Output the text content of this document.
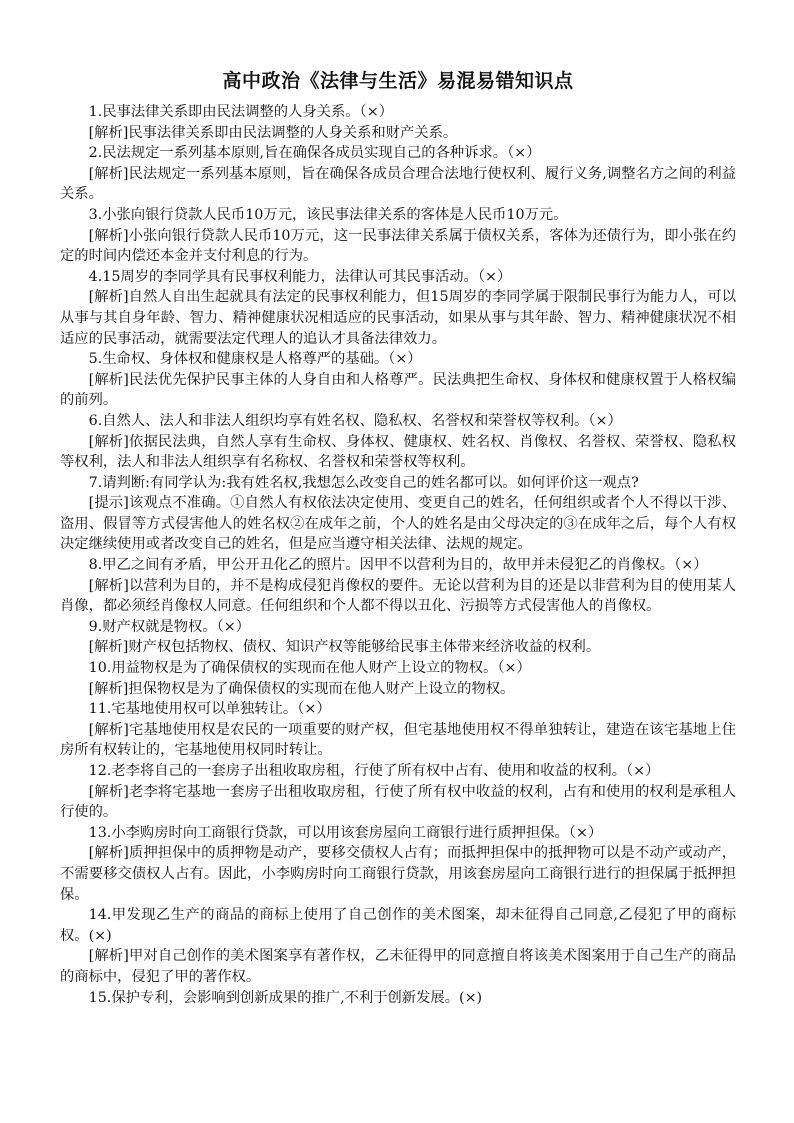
高中政治《法律与生活》易混易错知识点

1.民事法律关系即由民法调整的人身关系。（×）

[解析]民事法律关系即由民法调整的人身关系和财产关系。

2.民法规定一系列基本原则,旨在确保各成员实现自己的各种诉求。（×）

[解析]民法规定一系列基本原则，旨在确保各成员合理合法地行使权利、履行义务,调整名方之间的利益关系。

3.小张向银行贷款人民币10万元，该民事法律关系的客体是人民币10万元。

[解析]小张向银行贷款人民币10万元，这一民事法律关系属于债权关系，客体为还债行为，即小张在约定的时间内偿还本金并支付利息的行为。

4.15周岁的李同学具有民事权利能力，法律认可其民事活动。（×）

[解析]自然人自出生起就具有法定的民事权利能力，但15周岁的李同学属于限制民事行为能力人，可以从事与其自身年龄、智力、精神健康状况相适应的民事活动，如果从事与其年龄、智力、精神健康状况不相适应的民事活动，就需要法定代理人的追认才具备法律效力。

5.生命权、身体权和健康权是人格尊严的基础。（×）

[解析]民法优先保护民事主体的人身自由和人格尊严。民法典把生命权、身体权和健康权置于人格权编的前列。

6.自然人、法人和非法人组织均享有姓名权、隐私权、名誉权和荣誉权等权利。（×）

[解析]依据民法典，自然人享有生命权、身体权、健康权、姓名权、肖像权、名誉权、荣誉权、隐私权等权利，法人和非法人组织享有名称权、名誉权和荣誉权等权利。

7.请判断:有同学认为:我有姓名权,我想怎么改变自己的姓名都可以。如何评价这一观点?

[提示]该观点不准确。①自然人有权依法决定使用、变更自己的姓名，任何组织或者个人不得以干涉、盗用、假冒等方式侵害他人的姓名权②在成年之前，个人的姓名是由父母决定的③在成年之后，每个人有权决定继续使用或者改变自己的姓名，但是应当遵守相关法律、法规的规定。

8.甲乙之间有矛盾，甲公开丑化乙的照片。因甲不以营利为目的，故甲并未侵犯乙的肖像权。（×）

[解析]以营利为目的，并不是构成侵犯肖像权的要件。无论以营利为目的还是以非营利为目的使用某人肖像，都必须经肖像权人同意。任何组织和个人都不得以丑化、污损等方式侵害他人的肖像权。

9.财产权就是物权。（×）

[解析]财产权包括物权、债权、知识产权等能够给民事主体带来经济收益的权利。

10.用益物权是为了确保债权的实现而在他人财产上设立的物权。（×）

[解析]担保物权是为了确保债权的实现而在他人财产上设立的物权。

11.宅基地使用权可以单独转让。（×）

[解析]宅基地使用权是农民的一项重要的财产权，但宅基地使用权不得单独转让，建造在该宅基地上住房所有权转让的，宅基地使用权同时转让。

12.老李将自己的一套房子出租收取房租，行使了所有权中占有、使用和收益的权利。（×）

[解析]老李将宅基地一套房子出租收取房租，行使了所有权中收益的权利，占有和使用的权利是承租人行使的。

13.小李购房时向工商银行贷款，可以用该套房屋向工商银行进行质押担保。（×）

[解析]质押担保中的质押物是动产，要移交债权人占有；而抵押担保中的抵押物可以是不动产或动产，不需要移交债权人占有。因此，小李购房时向工商银行贷款，用该套房屋向工商银行进行的担保属于抵押担保。

14.甲发现乙生产的商品的商标上使用了自己创作的美术图案，却未征得自己同意,乙侵犯了甲的商标权。(×)

[解析]甲对自己创作的美术图案享有著作权，乙未征得甲的同意擅自将该美术图案用于自己生产的商品的商标中，侵犯了甲的著作权。

15.保护专利，会影响到创新成果的推广,不利于创新发展。(×)
